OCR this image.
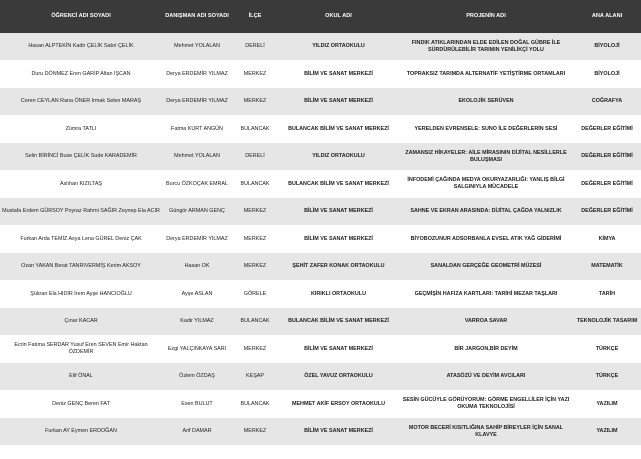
ÖĞRENCİ ADI SOYADI	DANIŞMAN ADI SOYADI	İLÇE	OKUL ADI	PROJENİN ADI	ANA ALANI
Hasan ALPTEKİN Kadir ÇELİK Sabri ÇELİK	Mehmet YOLALAN	DERELİ	YILDIZ ORTAOKULU	FINDIK ATIKLARINDAN ELDE EDİLEN DOĞAL GÜBRE İLE SÜRDÜRÜLEBİLİR TARIMIN YENİLİKÇİ YOLU	BİYOLOJİ
Duru DÖNMEZ Eren GARİP Altan İŞCAN	Derya ERDEMİR YILMAZ	MERKEZ	BİLİM VE SANAT MERKEZİ	TOPRAKSIZ TARIMDA ALTERNATİF YETİŞTİRME ORTAMLARI	BİYOLOJİ
Ceren CEYLAN Rana ÖNER Irmak Selen MARAŞ	Derya ERDEMİR YILMAZ	MERKEZ	BİLİM VE SANAT MERKEZİ	EKOLOJİK SERÜVEN	COĞRAFYA
Zümra TATLI	Fatma KURT ANGÜN	BULANCAK	BULANCAK BİLİM VE SANAT MERKEZİ	YERELDEN EVRENSELE: SUNO İLE DEĞERLERİN SESİ	DEĞERLER EĞİTİMİ
Selin BİRİNCİ Buse ÇELİK Sude KARADEMİR	Mehmet YOLALAN	DERELİ	YILDIZ ORTAOKULU	ZAMANSIZ HİKAYELER: AİLE MİRASININ DİJİTAL NESİLLERLE BULUŞMASI	DEĞERLER EĞİTİMİ
Aslıhan KIZILTAŞ	Burcu ÖZKOÇAK EMRAL	BULANCAK	BULANCAK BİLİM VE SANAT MERKEZİ	İNFODEMİ ÇAĞINDA MEDYA OKURYAZARLIĞI: YANLIŞ BİLGİ SALGINIYLA MÜCADELE	DEĞERLER EĞİTİMİ
Mustafa Erdem GÜRSOY Poyraz Rahmi SAĞIR Zeynep Ela ACIR	Güngör ARMAN GENÇ	MERKEZ	BİLİM VE SANAT MERKEZİ	SAHNE VE EKRAN ARASINDA: DİJİTAL ÇAĞDA YALNIZLIK	DEĞERLER EĞİTİMİ
Furkan Arda TEMİZ Asya Lena GÜREL Deniz ÇAK	Derya ERDEMİR YILMAZ	MERKEZ	BİLİM VE SANAT MERKEZİ	BİYOBOZUNUR ADSORBANLA EVSEL ATIK YAĞ GİDERİMİ	KİMYA
Ozan YAKAN Berat TANRIVERMİŞ Kerim AKSOY	Hasan OK	MERKEZ	ŞEHİT ZAFER KONAK ORTAOKULU	SANALDAN GERÇEĞE GEOMETRİ MÜZESİ	MATEMATİK
Şükran Ela HIDIR İrem Ayşe HANCIOĞLU	Ayşe ASLAN	GÖRELE	KIRIKLI ORTAOKULU	GEÇMİŞİN HAFIZA KARTLARI: TARİHİ MEZAR TAŞLARI	TARİH
Çınar KACAR	Kadir YILMAZ	BULANCAK	BULANCAK BİLİM VE SANAT MERKEZİ	VARROA SAVAR	TEKNOLOJİK TASARIM
Ecrin Fatıma SERDAR Yusuf Eren SEVEN Emir Haktan ÖZDEMİR	Ezgi YALÇINKAYA SARI	MERKEZ	BİLİM VE SANAT MERKEZİ	BİR JARGON,BİR DEYİM	TÜRKÇE
Elif ÖNAL	Özlem ÖZDAŞ	KEŞAP	ÖZEL YAVUZ ORTAOKULU	ATASÖZÜ VE DEYİM AVCILARI	TÜRKÇE
Deniz GENÇ Beren FAT	Esen BULUT	BULANCAK	MEHMET AKİF ERSOY ORTAOKULU	SESİN GÜCÜYLE GÖRÜYORUM: GÖRME ENGELLİLER İÇİN YAZI OKUMA TEKNOLOJİSİ	YAZILIM
Furkan AY Eymen ERDOĞAN	Arif DAMAR	MERKEZ	BİLİM VE SANAT MERKEZİ	MOTOR BECERİ KISITLIĞINA SAHİP BİREYLER İÇİN SANAL KLAVYE	YAZILIM
